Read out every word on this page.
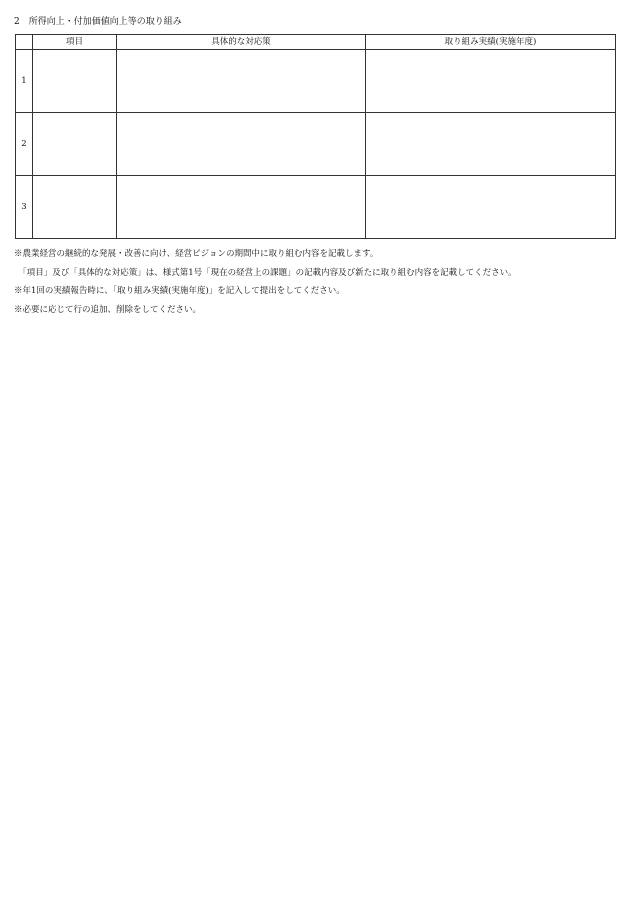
2　所得向上・付加価値向上等の取り組み
	項目	具体的な対応策	取り組み実績(実施年度)
1			
2			
3			
※農業経営の継続的な発展・改善に向け、経営ビジョンの期間中に取り組む内容を記載します。
　「項目」及び「具体的な対応策」は、様式第1号「現在の経営上の課題」の記載内容及び新たに取り組む内容を記載してください。
※年1回の実績報告時に、「取り組み実績(実施年度)」を記入して提出をしてください。
※必要に応じて行の追加、削除をしてください。
